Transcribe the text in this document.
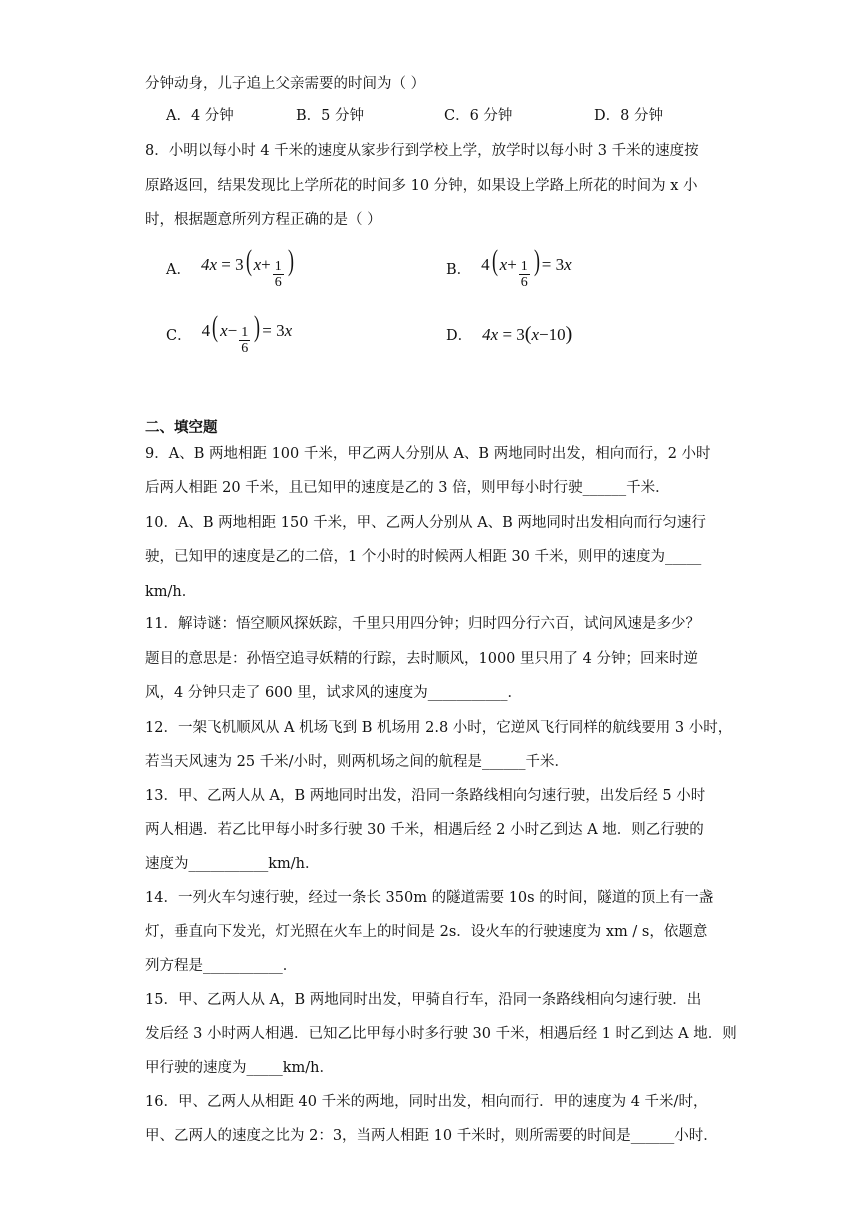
分钟动身，儿子追上父亲需要的时间为（ ）
A．4 分钟	B．5 分钟	C．6 分钟	D．8 分钟
8．小明以每小时 4 千米的速度从家步行到学校上学，放学时以每小时 3 千米的速度按
原路返回，结果发现比上学所花的时间多 10 分钟，如果设上学路上所花的时间为 x 小
时，根据题意所列方程正确的是（ ）
A． 4x = 3( $x+ \frac{1}{6}$ )	B． 4( $x+ \frac{1}{6}$ ) = 3x
C． 4( $x- \frac{1}{6}$ ) = 3x	D． 4x = 3(x−10)
二、填空题
9．A、B 两地相距 100 千米，甲乙两人分别从 A、B 两地同时出发，相向而行，2 小时
后两人相距 20 千米，且已知甲的速度是乙的 3 倍，则甲每小时行驶______千米．
10．A、B 两地相距 150 千米，甲、乙两人分别从 A、B 两地同时出发相向而行匀速行
驶，已知甲的速度是乙的二倍，1 个小时的时候两人相距 30 千米，则甲的速度为_____
km/h．
11．解诗谜：悟空顺风探妖踪，千里只用四分钟；归时四分行六百，试问风速是多少？
题目的意思是：孙悟空追寻妖精的行踪，去时顺风，1000 里只用了 4 分钟；回来时逆
风，4 分钟只走了 600 里，试求风的速度为___________．
12．一架飞机顺风从 A 机场飞到 B 机场用 2.8 小时，它逆风飞行同样的航线要用 3 小时，
若当天风速为 25 千米/小时，则两机场之间的航程是______千米．
13．甲、乙两人从 A，B 两地同时出发，沿同一条路线相向匀速行驶，出发后经 5 小时
两人相遇．若乙比甲每小时多行驶 30 千米，相遇后经 2 小时乙到达 A 地．则乙行驶的
速度为___________km/h．
14．一列火车匀速行驶，经过一条长 350m 的隧道需要 10s 的时间，隧道的顶上有一盏
灯，垂直向下发光，灯光照在火车上的时间是 2s．设火车的行驶速度为 xm / s，依题意
列方程是___________．
15．甲、乙两人从 A，B 两地同时出发，甲骑自行车，沿同一条路线相向匀速行驶．出
发后经 3 小时两人相遇．已知乙比甲每小时多行驶 30 千米，相遇后经 1 时乙到达 A 地．则
甲行驶的速度为_____km/h．
16．甲、乙两人从相距 40 千米的两地，同时出发，相向而行．甲的速度为 4 千米/时，
甲、乙两人的速度之比为 2：3，当两人相距 10 千米时，则所需要的时间是______小时．
